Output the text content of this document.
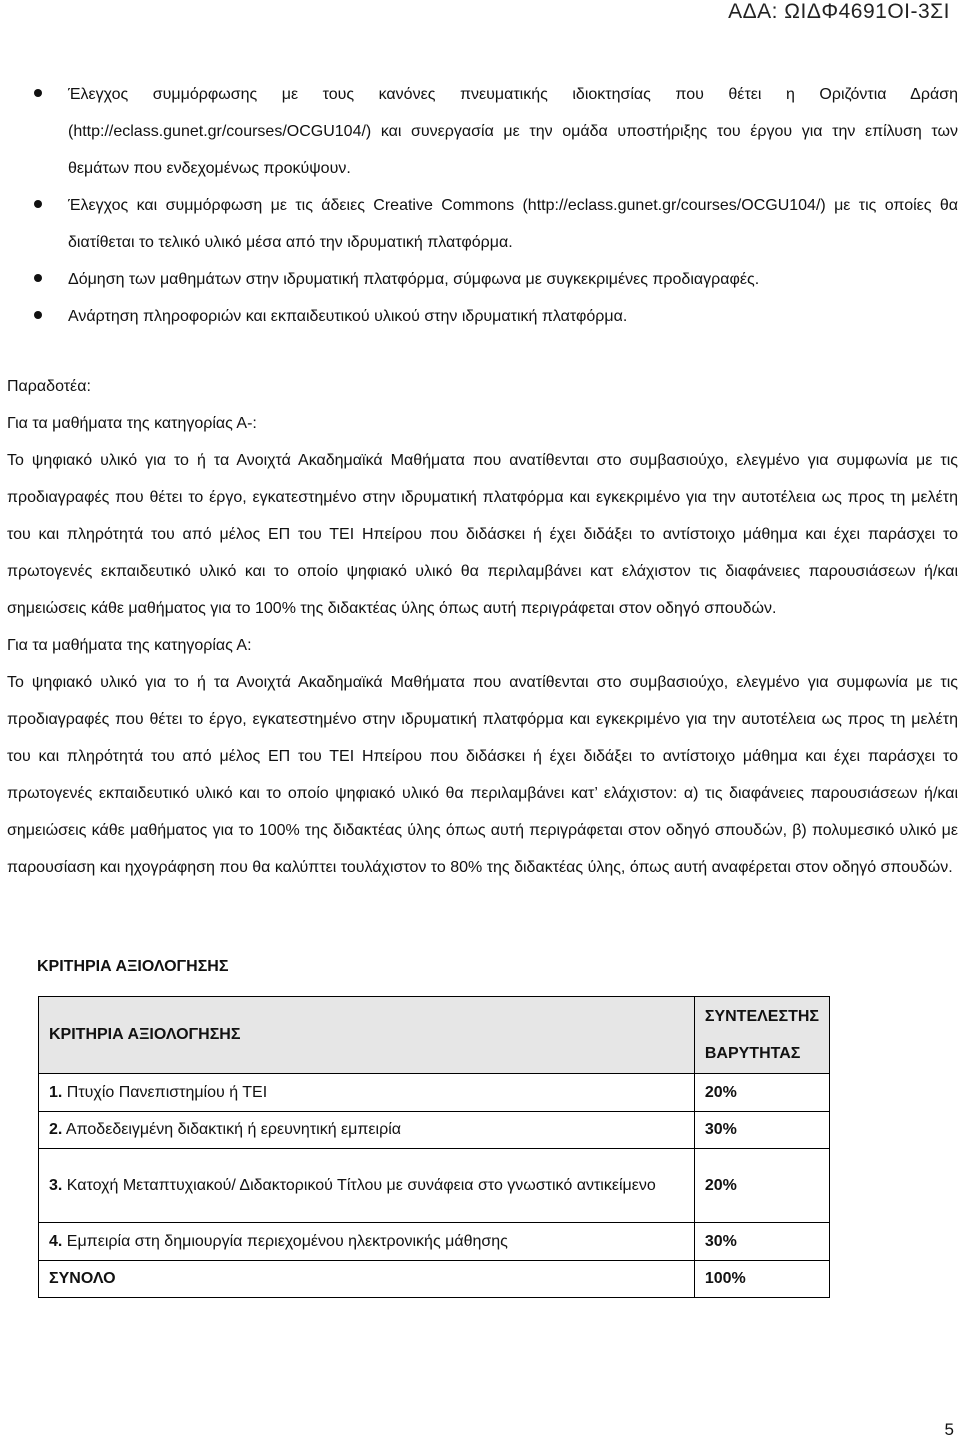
ΑΔΑ: ΩΙΔΦ4691ΟΙ-3ΣΙ
Έλεγχος συμμόρφωσης με τους κανόνες πνευματικής ιδιοκτησίας που θέτει η Οριζόντια Δράση (http://eclass.gunet.gr/courses/OCGU104/) και συνεργασία με την ομάδα υποστήριξης του έργου για την επίλυση των θεμάτων που ενδεχομένως προκύψουν.
Έλεγχος και συμμόρφωση με τις άδειες Creative Commons (http://eclass.gunet.gr/courses/OCGU104/) με τις οποίες θα διατίθεται το τελικό υλικό μέσα από την ιδρυματική πλατφόρμα.
Δόμηση των μαθημάτων στην ιδρυματική πλατφόρμα, σύμφωνα με συγκεκριμένες προδιαγραφές.
Ανάρτηση πληροφοριών και εκπαιδευτικού υλικού στην ιδρυματική πλατφόρμα.
Παραδοτέα:
Για τα μαθήματα της κατηγορίας Α-:
Το ψηφιακό υλικό για το ή τα Ανοιχτά Ακαδημαϊκά Μαθήματα που ανατίθενται στο συμβασιούχο, ελεγμένο για συμφωνία με τις προδιαγραφές που θέτει το έργο, εγκατεστημένο στην ιδρυματική πλατφόρμα και εγκεκριμένο για την αυτοτέλεια ως προς τη μελέτη του και πληρότητά του από μέλος ΕΠ του ΤΕΙ Ηπείρου που διδάσκει ή έχει διδάξει το αντίστοιχο μάθημα και έχει παράσχει το πρωτογενές εκπαιδευτικό υλικό και το οποίο ψηφιακό υλικό θα περιλαμβάνει κατ ελάχιστον τις διαφάνειες παρουσιάσεων ή/και σημειώσεις κάθε μαθήματος για το 100% της διδακτέας ύλης όπως αυτή περιγράφεται στον οδηγό σπουδών.
Για τα μαθήματα της κατηγορίας Α:
Το ψηφιακό υλικό για το ή τα Ανοιχτά Ακαδημαϊκά Μαθήματα που ανατίθενται στο συμβασιούχο, ελεγμένο για συμφωνία με τις προδιαγραφές που θέτει το έργο, εγκατεστημένο στην ιδρυματική πλατφόρμα και εγκεκριμένο για την αυτοτέλεια ως προς τη μελέτη του και πληρότητά του από μέλος ΕΠ του ΤΕΙ Ηπείρου που διδάσκει ή έχει διδάξει το αντίστοιχο μάθημα και έχει παράσχει το πρωτογενές εκπαιδευτικό υλικό και το οποίο ψηφιακό υλικό θα περιλαμβάνει κατ’ ελάχιστον: α) τις διαφάνειες παρουσιάσεων ή/και σημειώσεις κάθε μαθήματος για το 100% της διδακτέας ύλης όπως αυτή περιγράφεται στον οδηγό σπουδών, β) πολυμεσικό υλικό με παρουσίαση και ηχογράφηση που θα καλύπτει τουλάχιστον το 80% της διδακτέας ύλης, όπως αυτή αναφέρεται στον οδηγό σπουδών.
ΚΡΙΤΗΡΙΑ ΑΞΙΟΛΟΓΗΣΗΣ
ΚΡΙΤΗΡΙΑ ΑΞΙΟΛΟΓΗΣΗΣ	ΣΥΝΤΕΛΕΣΤΗΣ
ΒΑΡΥΤΗΤΑΣ

1. Πτυχίο Πανεπιστημίου ή ΤΕΙ	20%
2. Αποδεδειγμένη διδακτική ή ερευνητική εμπειρία	30%
3. Κατοχή Μεταπτυχιακού/ Διδακτορικού Τίτλου με συνάφεια στο γνωστικό αντικείμενο	20%
4. Εμπειρία στη δημιουργία περιεχομένου ηλεκτρονικής μάθησης	30%
ΣΥΝΟΛΟ	100%
5
